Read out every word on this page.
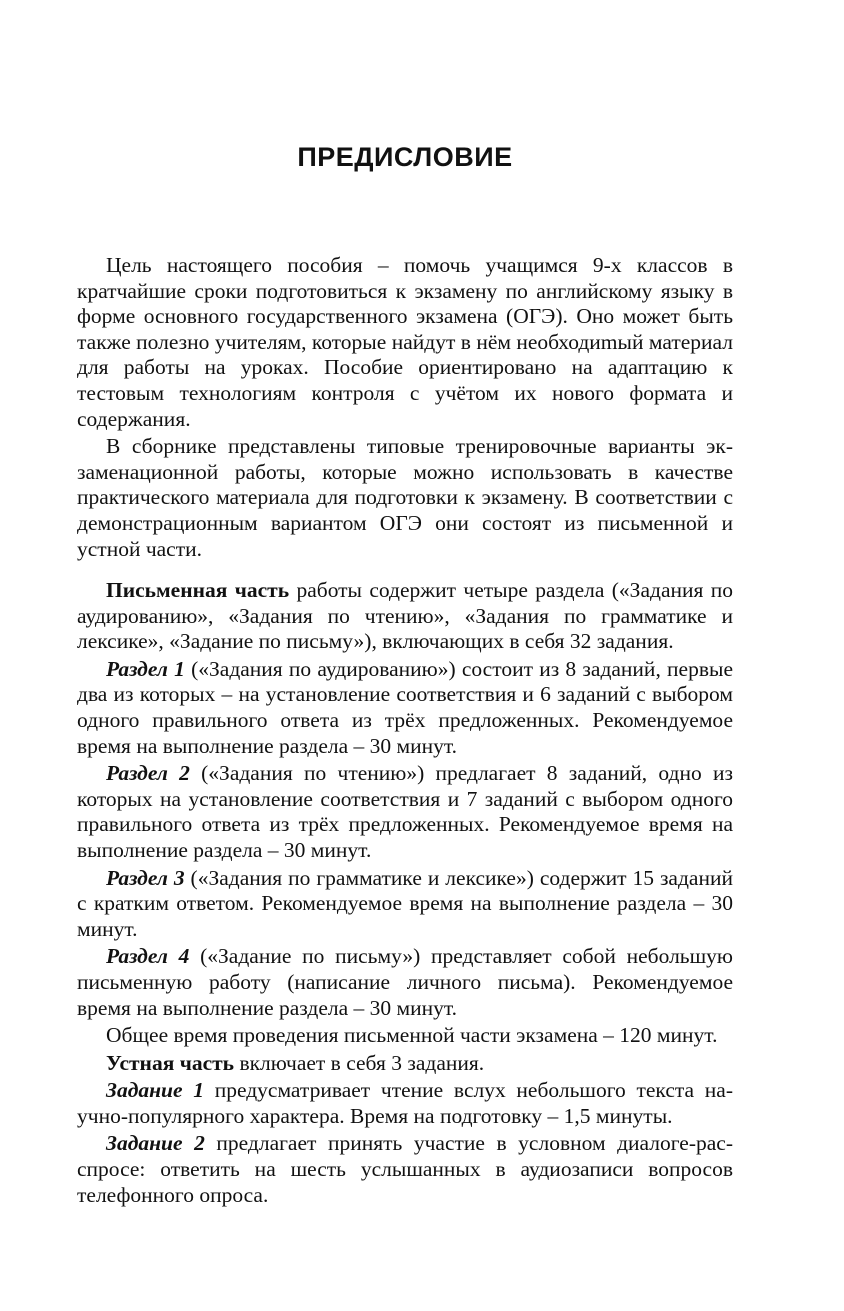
ПРЕДИСЛОВИЕ

Цель настоящего пособия – помочь учащимся 9-х классов в кратчайшие сроки подготовиться к экзамену по английскому языку в форме основного государственного экзамена (ОГЭ). Оно может быть также полезно учителям, которые найдут в нём необходиmый материал для работы на уроках. Пособие ориентировано на адаптацию к тестовым технологиям контроля с учётом их нового формата и содержания.

В сборнике представлены типовые тренировочные варианты экзаменационной работы, которые можно использовать в качестве практического материала для подготовки к экзамену. В соответствии с демонстрационным вариантом ОГЭ они состоят из письменной и устной части.

Письменная часть работы содержит четыре раздела («Задания по аудированию», «Задания по чтению», «Задания по грамматике и лексике», «Задание по письму»), включающих в себя 32 задания.

Раздел 1 («Задания по аудированию») состоит из 8 заданий, первые два из которых – на установление соответствия и 6 заданий с выбором одного правильного ответа из трёх предложенных. Рекомендуемое время на выполнение раздела – 30 минут.

Раздел 2 («Задания по чтению») предлагает 8 заданий, одно из которых на установление соответствия и 7 заданий с выбором одного правильного ответа из трёх предложенных. Рекомендуемое время на выполнение раздела – 30 минут.

Раздел 3 («Задания по грамматике и лексике») содержит 15 заданий с кратким ответом. Рекомендуемое время на выполнение раздела – 30 минут.

Раздел 4 («Задание по письму») представляет собой небольшую письменную работу (написание личного письма). Рекомендуемое время на выполнение раздела – 30 минут.

Общее время проведения письменной части экзамена – 120 минут.

Устная часть включает в себя 3 задания.

Задание 1 предусматривает чтение вслух небольшого текста научно-популярного характера. Время на подготовку – 1,5 минуты.

Задание 2 предлагает принять участие в условном диалоге-расспросе: ответить на шесть услышанных в аудиозаписи вопросов телефонного опроса.
